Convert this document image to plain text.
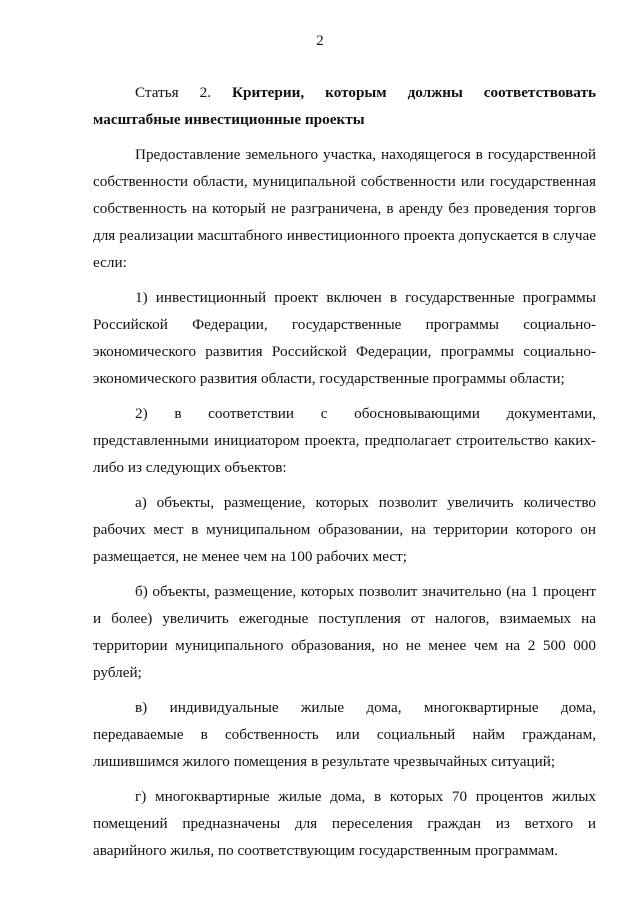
2

Статья 2. Критерии, которым должны соответствовать масштабные инвестиционные проекты

Предоставление земельного участка, находящегося в государственной собственности области, муниципальной собственности или государственная собственность на который не разграничена, в аренду без проведения торгов для реализации масштабного инвестиционного проекта допускается в случае если:

1) инвестиционный проект включен в государственные программы Российской Федерации, государственные программы социально-экономического развития Российской Федерации, программы социально-экономического развития области, государственные программы области;

2) в соответствии с обосновывающими документами, представленными инициатором проекта, предполагает строительство каких-либо из следующих объектов:

а) объекты, размещение, которых позволит увеличить количество рабочих мест в муниципальном образовании, на территории которого он размещается, не менее чем на 100 рабочих мест;

б) объекты, размещение, которых позволит значительно (на 1 процент и более) увеличить ежегодные поступления от налогов, взимаемых на территории муниципального образования, но не менее чем на 2 500 000 рублей;

в) индивидуальные жилые дома, многоквартирные дома, передаваемые в собственность или социальный найм гражданам, лишившимся жилого помещения в результате чрезвычайных ситуаций;

г) многоквартирные жилые дома, в которых 70 процентов жилых помещений предназначены для переселения граждан из ветхого и аварийного жилья, по соответствующим государственным программам.
